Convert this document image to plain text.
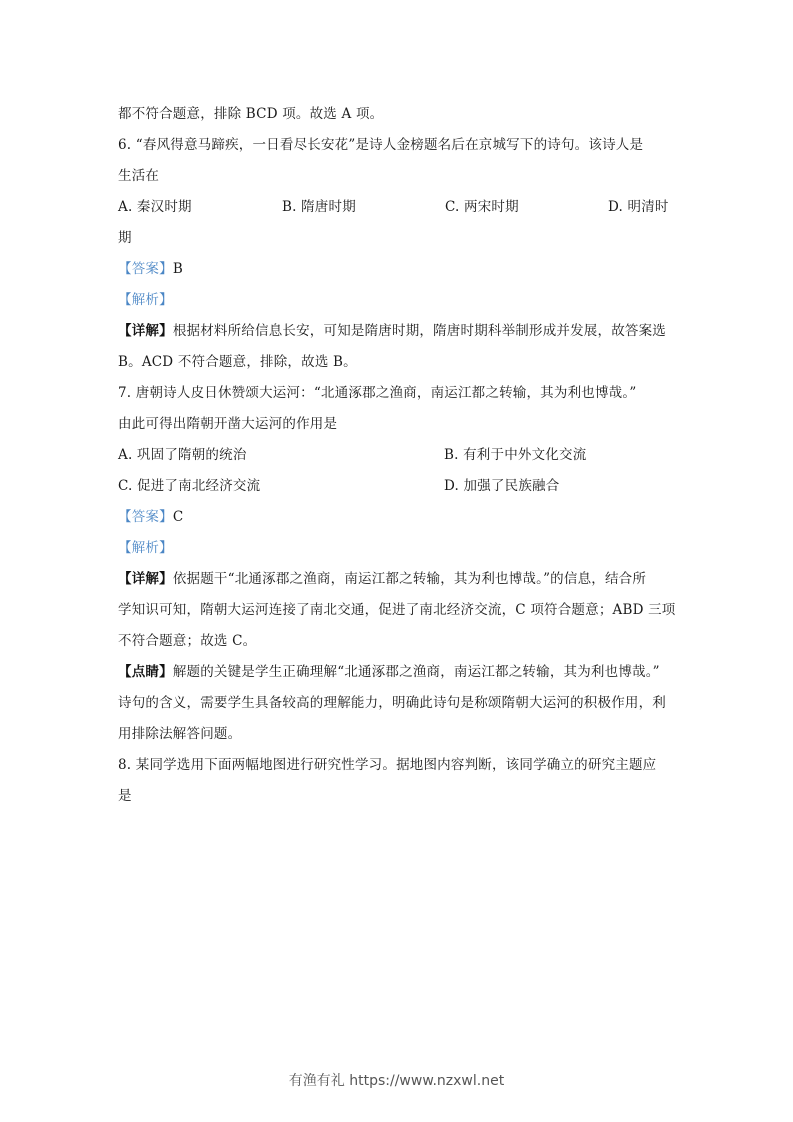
都不符合题意，排除 BCD 项。故选 A 项。
6. “春风得意马蹄疾，一日看尽长安花”是诗人金榜题名后在京城写下的诗句。该诗人是
生活在
A. 秦汉时期	B. 隋唐时期	C. 两宋时期	D. 明清时
期
【答案】B
【解析】
【详解】根据材料所给信息长安，可知是隋唐时期，隋唐时期科举制形成并发展，故答案选
B。ACD 不符合题意，排除，故选 B。
7. 唐朝诗人皮日休赞颂大运河：“北通涿郡之渔商，南运江都之转输，其为利也博哉。”
由此可得出隋朝开凿大运河的作用是
A. 巩固了隋朝的统治	B. 有利于中外文化交流
C. 促进了南北经济交流	D. 加强了民族融合
【答案】C
【解析】
【详解】依据题干“北通涿郡之渔商，南运江都之转输，其为利也博哉。”的信息，结合所
学知识可知，隋朝大运河连接了南北交通，促进了南北经济交流，C 项符合题意；ABD 三项
不符合题意；故选 C。
【点睛】解题的关键是学生正确理解“北通涿郡之渔商，南运江都之转输，其为利也博哉。”
诗句的含义，需要学生具备较高的理解能力，明确此诗句是称颂隋朝大运河的积极作用，利
用排除法解答问题。
8. 某同学选用下面两幅地图进行研究性学习。据地图内容判断，该同学确立的研究主题应
是
有渔有礼 https://www.nzxwl.net
